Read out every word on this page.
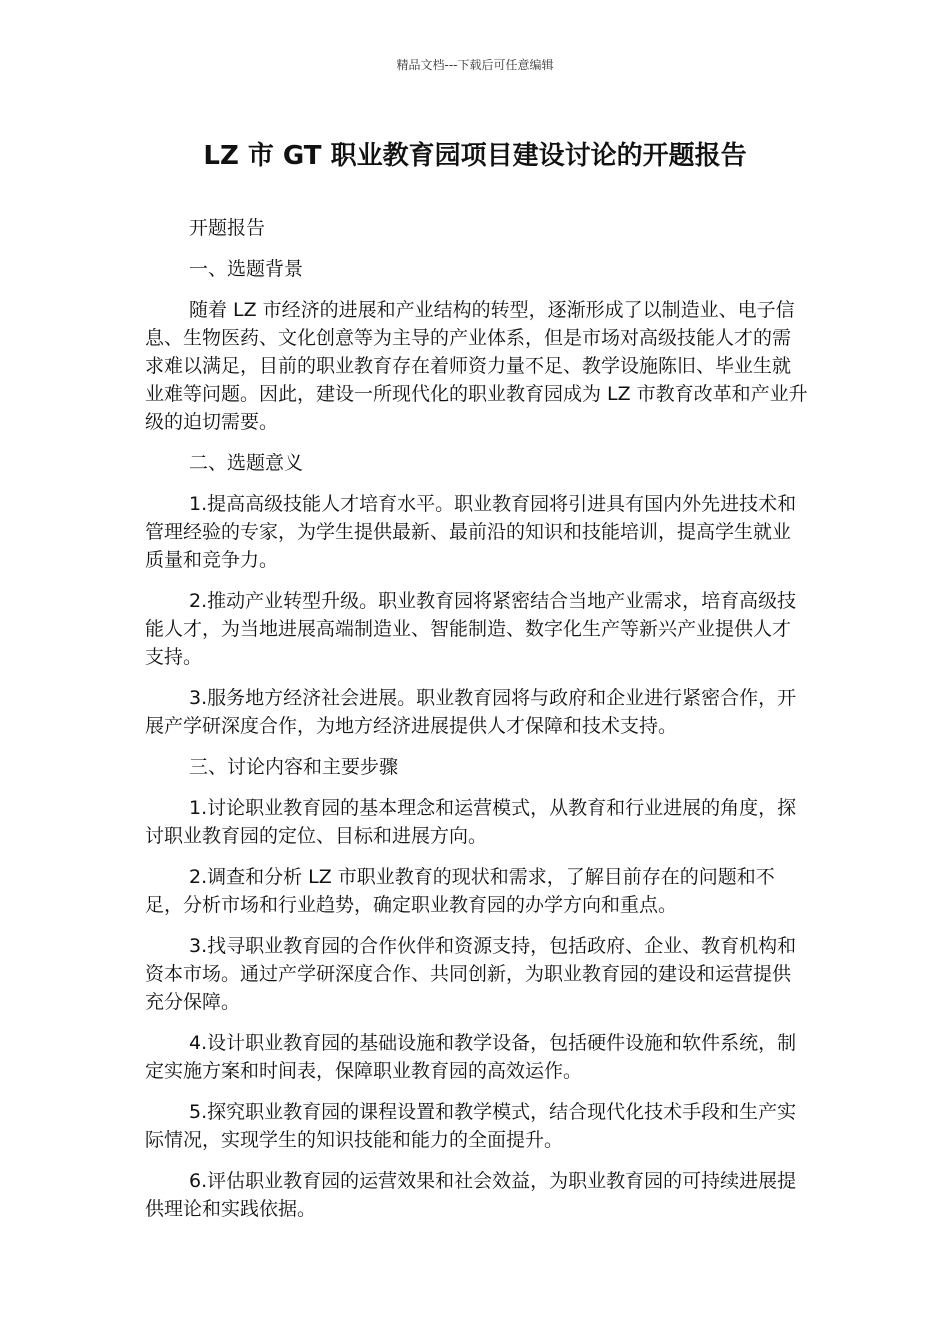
精品文档---下载后可任意编辑
LZ 市 GT 职业教育园项目建设讨论的开题报告

开题报告

一、选题背景

随着 LZ 市经济的进展和产业结构的转型，逐渐形成了以制造业、电子信息、生物医药、文化创意等为主导的产业体系，但是市场对高级技能人才的需求难以满足，目前的职业教育存在着师资力量不足、教学设施陈旧、毕业生就业难等问题。因此，建设一所现代化的职业教育园成为 LZ 市教育改革和产业升级的迫切需要。

二、选题意义

1.提高高级技能人才培育水平。职业教育园将引进具有国内外先进技术和管理经验的专家，为学生提供最新、最前沿的知识和技能培训，提高学生就业质量和竞争力。

2.推动产业转型升级。职业教育园将紧密结合当地产业需求，培育高级技能人才，为当地进展高端制造业、智能制造、数字化生产等新兴产业提供人才支持。

3.服务地方经济社会进展。职业教育园将与政府和企业进行紧密合作，开展产学研深度合作，为地方经济进展提供人才保障和技术支持。

三、讨论内容和主要步骤

1.讨论职业教育园的基本理念和运营模式，从教育和行业进展的角度，探讨职业教育园的定位、目标和进展方向。

2.调查和分析 LZ 市职业教育的现状和需求，了解目前存在的问题和不足，分析市场和行业趋势，确定职业教育园的办学方向和重点。

3.找寻职业教育园的合作伙伴和资源支持，包括政府、企业、教育机构和资本市场。通过产学研深度合作、共同创新，为职业教育园的建设和运营提供充分保障。

4.设计职业教育园的基础设施和教学设备，包括硬件设施和软件系统，制定实施方案和时间表，保障职业教育园的高效运作。

5.探究职业教育园的课程设置和教学模式，结合现代化技术手段和生产实际情况，实现学生的知识技能和能力的全面提升。

6.评估职业教育园的运营效果和社会效益，为职业教育园的可持续进展提供理论和实践依据。
